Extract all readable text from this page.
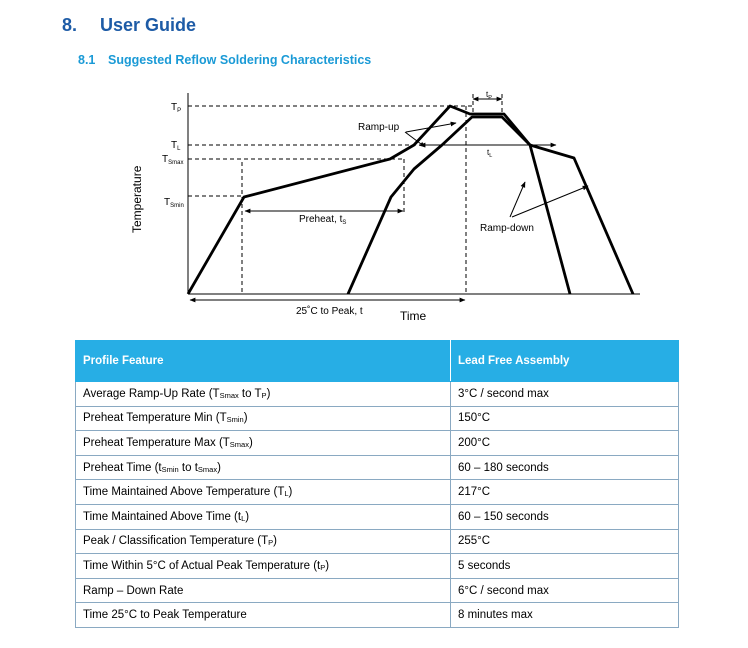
8. User Guide
8.1 Suggested Reflow Soldering Characteristics
Temperature
Time
$T_P$
$T_L$
$T_{Smax}$
$T_{Smin}$
Ramp-up
Ramp-down
Preheat, $t_S$
25˚C to Peak, t
$t_P$
$t_L$
Profile Feature	Lead Free Assembly
Average Ramp-Up Rate ($T_{Smax}$ to $T_P$)	3°C / second max
Preheat Temperature Min $(T_{Smin})$	150°C
Preheat Temperature Max $(T_{Smax})$	200°C
Preheat Time ($t_{Smin}$ to $t_{Smax}$)	60 – 180 seconds
Time Maintained Above Temperature $(T_L)$	217°C
Time Maintained Above Time $(t_L)$	60 – 150 seconds
Peak / Classification Temperature $(T_P)$	255°C
Time Within 5°C of Actual Peak Temperature $(t_P)$	5 seconds
Ramp – Down Rate	6°C / second max
Time 25°C to Peak Temperature	8 minutes max
